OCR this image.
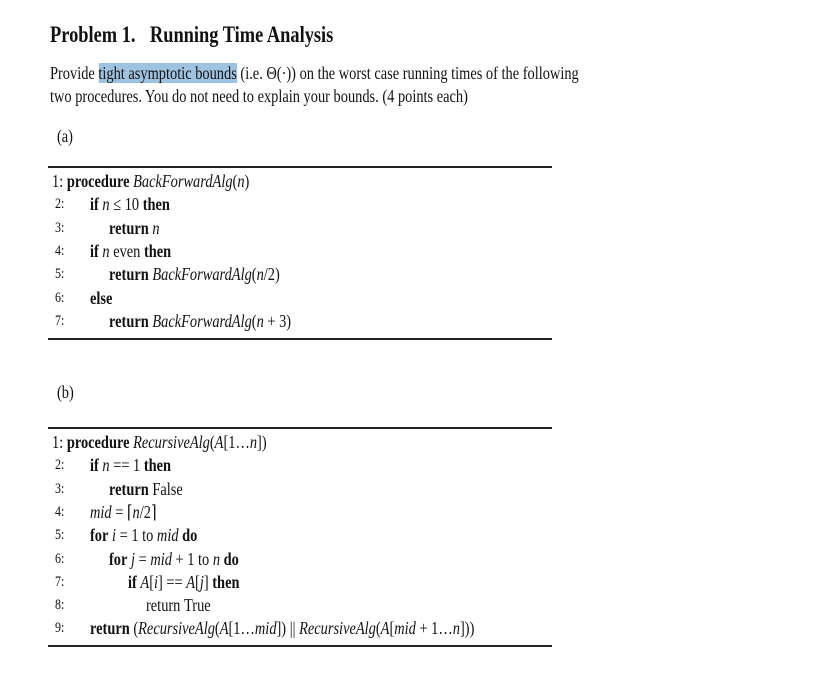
Problem 1. Running Time Analysis
Provide tight asymptotic bounds (i.e. Θ(·)) on the worst case running times of the following
two procedures. You do not need to explain your bounds. (4 points each)
(a)
1: procedure BackForwardAlg(n)
2: if n ≤ 10 then
3: return n
4: if n even then
5: return BackForwardAlg(n/2)
6: else
7: return BackForwardAlg(n + 3)
(b)
1: procedure RecursiveAlg(A[1…n])
2: if n == 1 then
3: return False
4: mid = ⌈n/2⌉
5: for i = 1 to mid do
6: for j = mid + 1 to n do
7:	if A[i] == A[j] then
8:	return True
9: return (RecursiveAlg(A[1…mid]) || RecursiveAlg(A[mid + 1…n]))
